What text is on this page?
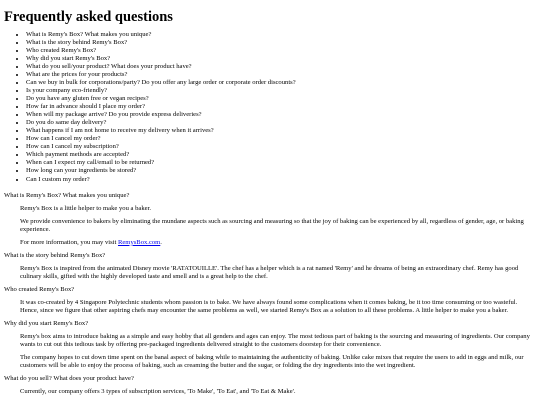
Frequently asked questions
• What is Remy's Box? What makes you unique?
• What is the story behind Remy's Box?
• Who created Remy's Box?
• Why did you start Remy's Box?
• What do you sell/your product? What does your product have?
• What are the prices for your products?
• Can we buy in bulk for corporations/party? Do you offer any large order or corporate order discounts?
• Is your company eco-friendly?
• Do you have any gluten free or vegan recipes?
• How far in advance should I place my order?
• When will my package arrive? Do you provide express deliveries?
• Do you do same day delivery?
• What happens if I am not home to receive my delivery when it arrives?
• How can I cancel my order?
• How can I cancel my subscription?
• Which payment methods are accepted?
• When can I expect my call/email to be returned?
• How long can your ingredients be stored?
• Can I custom my order?

What is Remy's Box? What makes you unique?

Remy's Box is a little helper to make you a baker.

We provide convenience to bakers by eliminating the mundane aspects such as sourcing and measuring so that the joy of baking can be experienced by all, regardless of gender, age, or baking experience.

For more information, you may visit RemysBox.com.

What is the story behind Remy's Box?

Remy's Box is inspired from the animated Disney movie 'RATATOUILLE'. The chef has a helper which is a rat named 'Remy' and he dreams of being an extraordinary chef. Remy has good culinary skills, gifted with the highly developed taste and smell and is a great help to the chef.

Who created Remy's Box?

It was co-created by 4 Singapore Polytechnic students whom passion is to bake. We have always found some complications when it comes baking, be it too time consuming or too wasteful. Hence, since we figure that other aspiring chefs may encounter the same problems as well, we started Remy's Box as a solution to all these problems. A little helper to make you a baker.

Why did you start Remy's Box?

Remy's box aims to introduce baking as a simple and easy hobby that all genders and ages can enjoy. The most tedious part of baking is the sourcing and measuring of ingredients. Our company wants to cut out this tedious task by offering pre-packaged ingredients delivered straight to the customers doorstep for their convenience.

The company hopes to cut down time spent on the banal aspect of baking while to maintaining the authenticity of baking. Unlike cake mixes that require the users to add in eggs and milk, our customers will be able to enjoy the process of baking, such as creaming the butter and the sugar, or folding the dry ingredients into the wet ingredient.

What do you sell? What does your product have?

Currently, our company offers 3 types of subscription services, 'To Make', 'To Eat', and 'To Eat & Make'.
